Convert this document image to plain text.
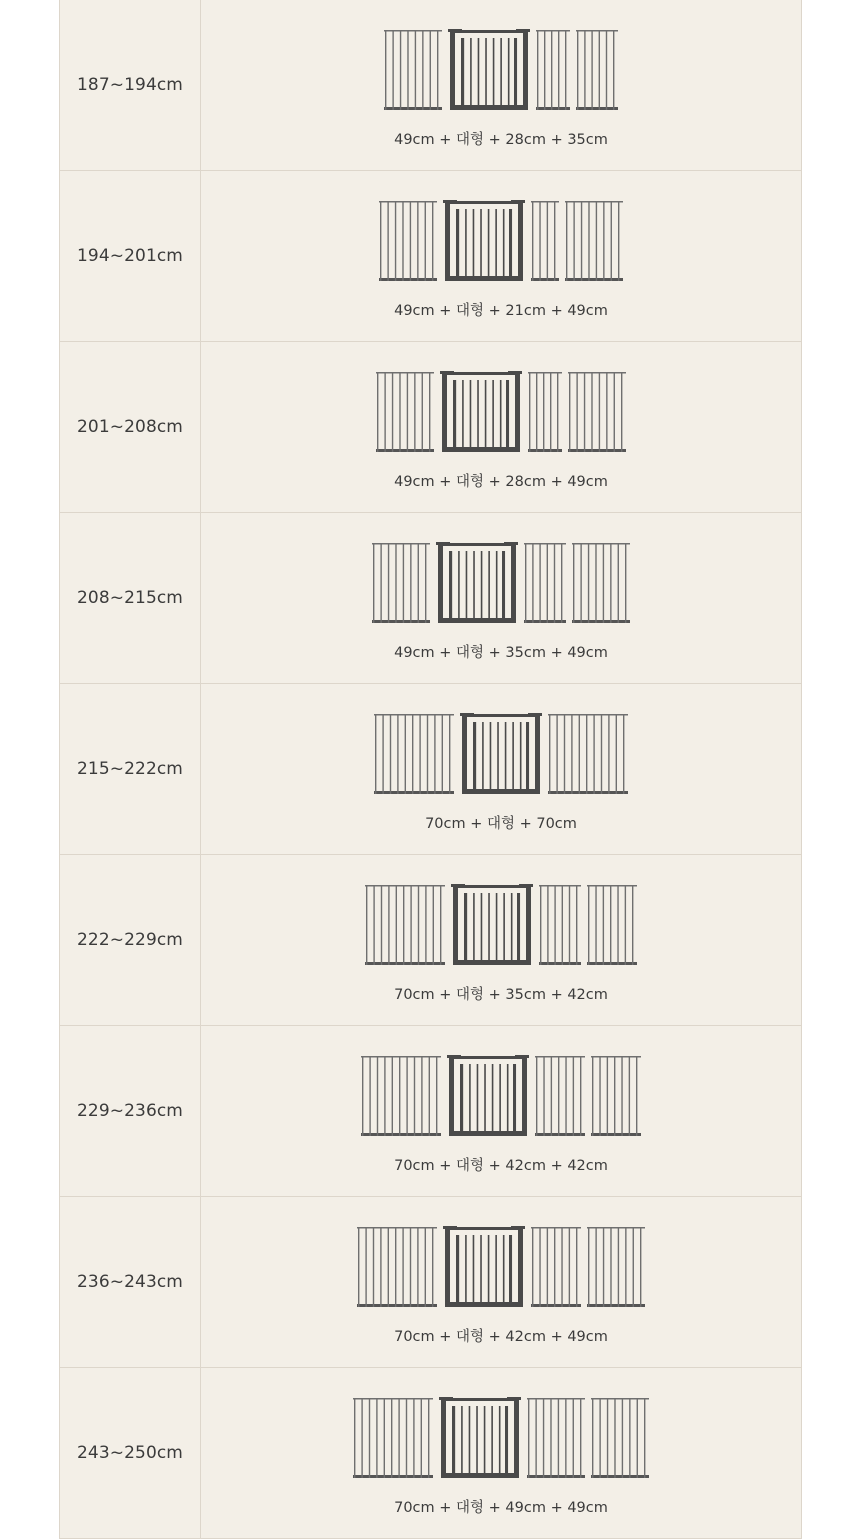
187~194cm
49cm + 대형 + 28cm + 35cm
194~201cm
49cm + 대형 + 21cm + 49cm
201~208cm
49cm + 대형 + 28cm + 49cm
208~215cm
49cm + 대형 + 35cm + 49cm
215~222cm
70cm + 대형 + 70cm
222~229cm
70cm + 대형 + 35cm + 42cm
229~236cm
70cm + 대형 + 42cm + 42cm
236~243cm
70cm + 대형 + 42cm + 49cm
243~250cm
70cm + 대형 + 49cm + 49cm
